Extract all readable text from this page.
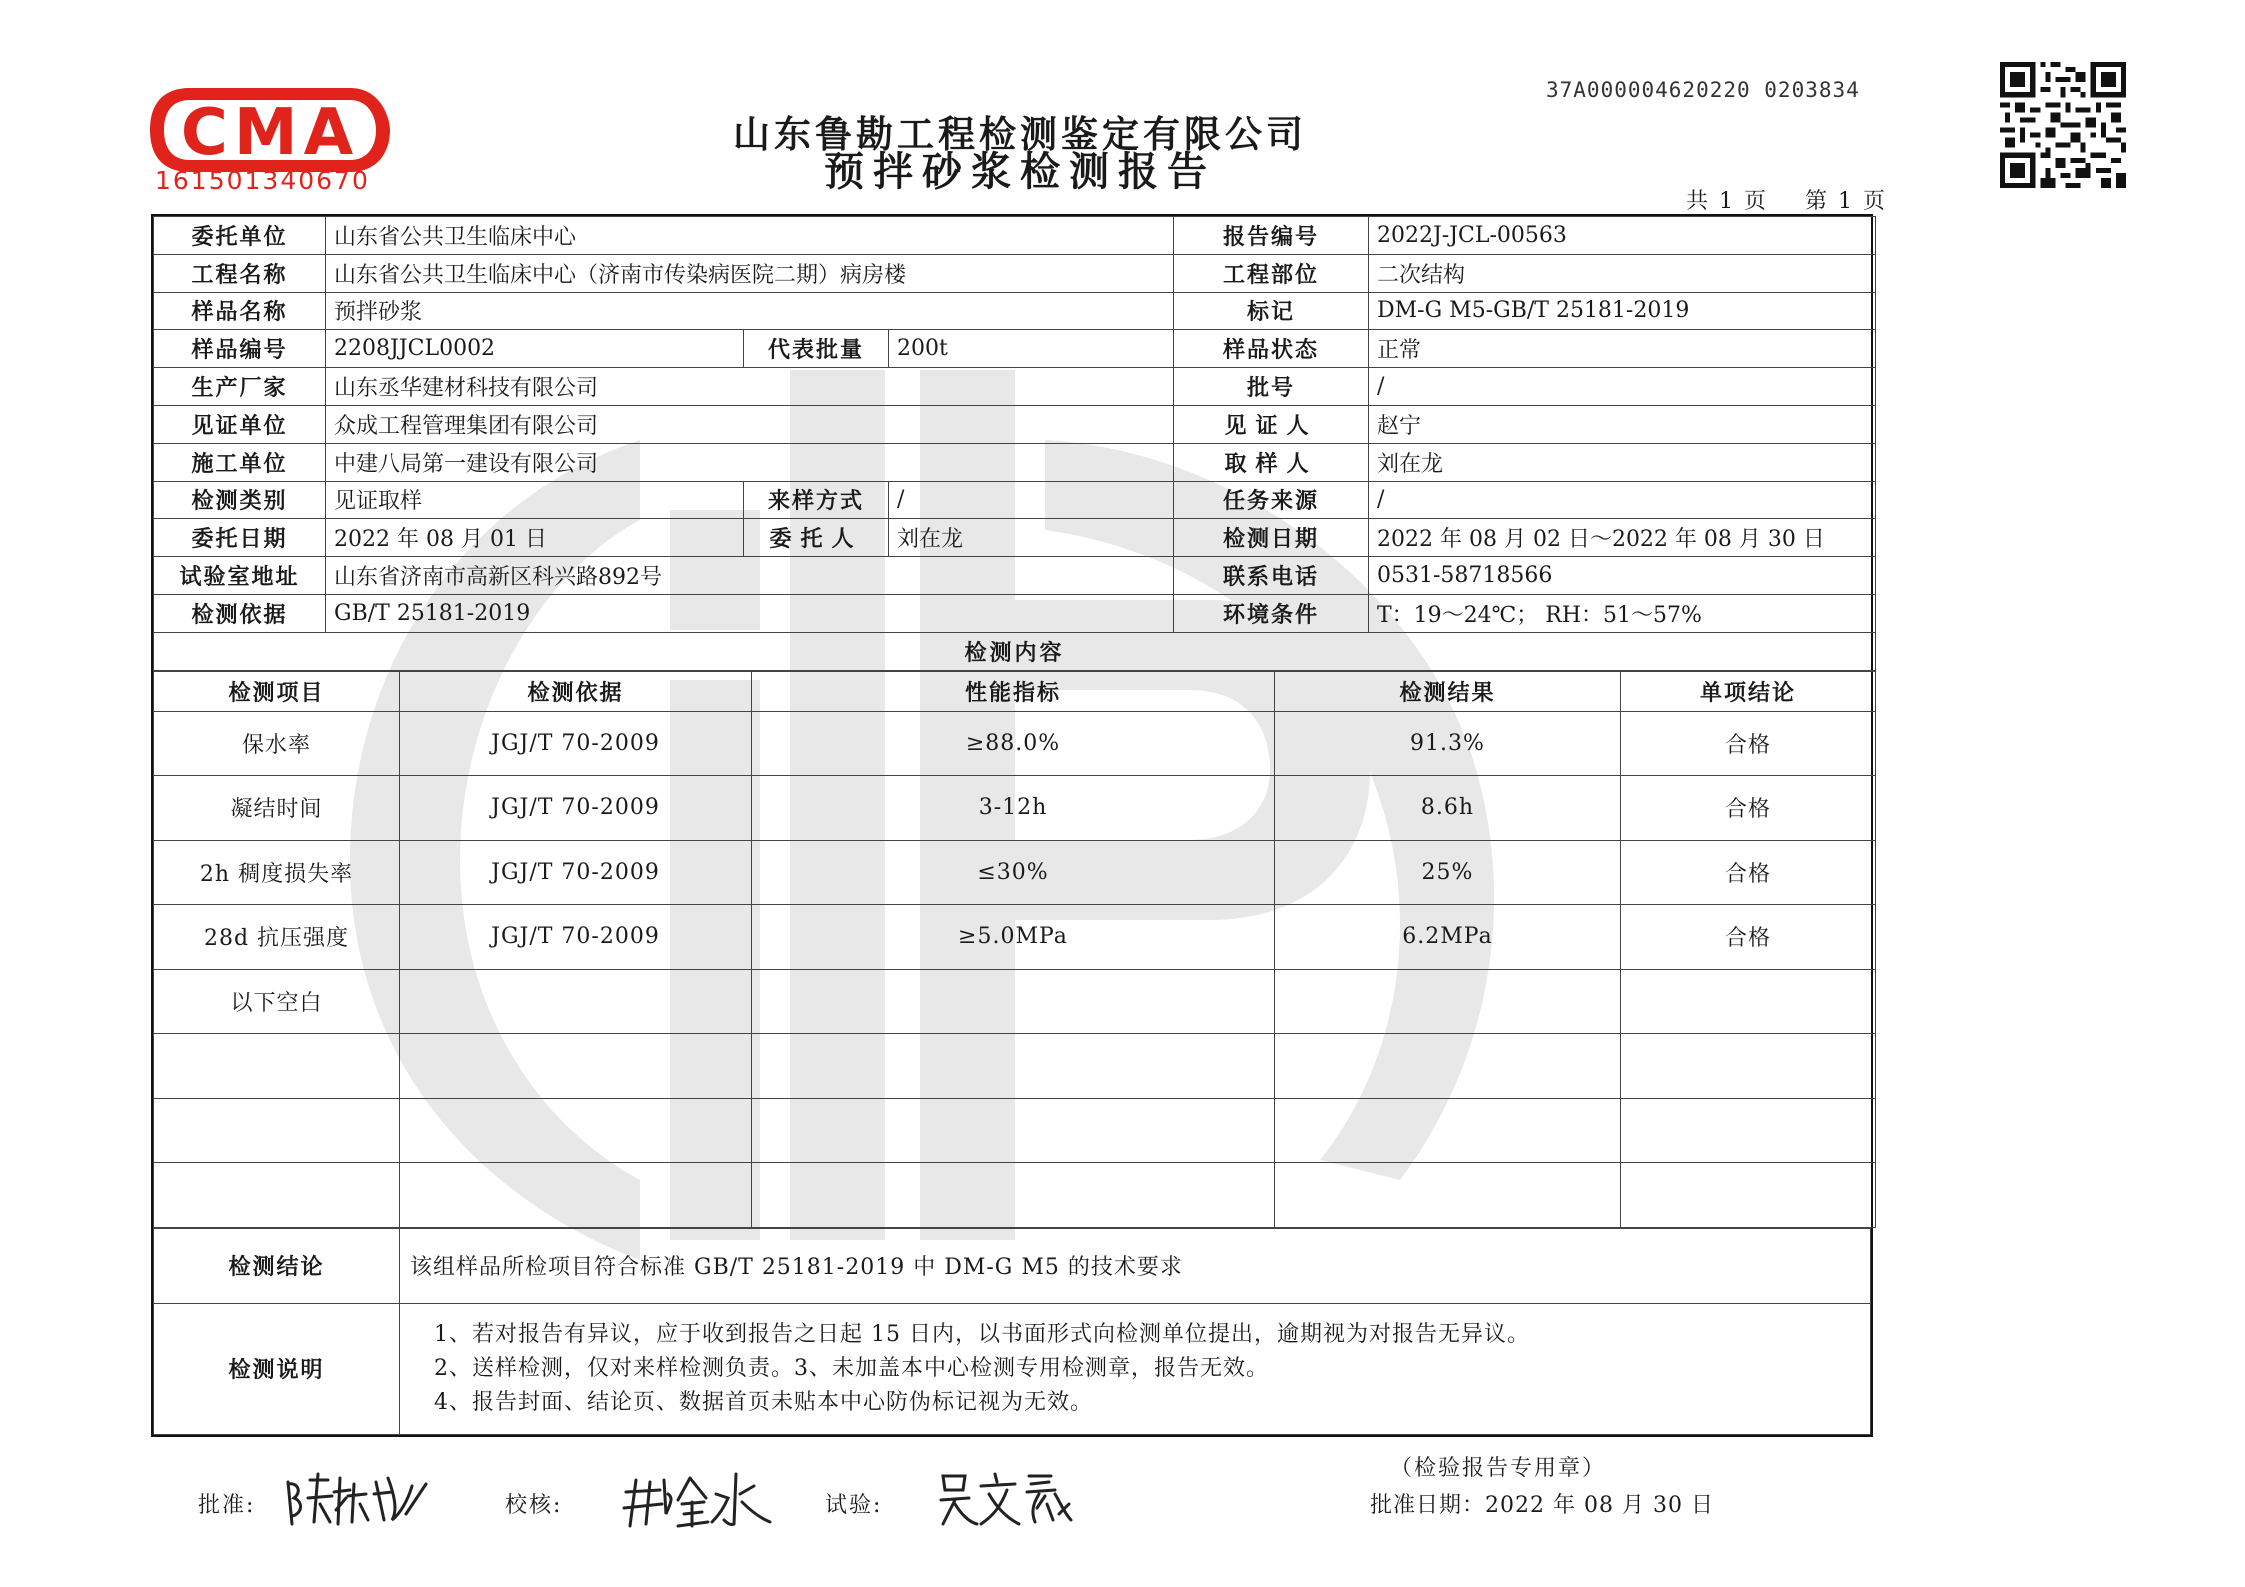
CMA
161501340670
37A000004620220 0203834
山东鲁勘工程检测鉴定有限公司
预拌砂浆检测报告
共 1 页 第 1 页
委托单位	山东省公共卫生临床中心			报告编号	2022J-JCL-00563
工程名称	山东省公共卫生临床中心（济南市传染病医院二期）病房楼			工程部位	二次结构
样品名称	预拌砂浆			标记	DM-G M5-GB/T 25181-2019
样品编号	2208JJCL0002	代表批量	200t	样品状态	正常
生产厂家	山东丞华建材科技有限公司			批号	/
见证单位	众成工程管理集团有限公司			见证人	赵宁
施工单位	中建八局第一建设有限公司			取样人	刘在龙
检测类别	见证取样	来样方式	/	任务来源	/
委托日期	2022 年 08 月 01 日	委托人	刘在龙	检测日期	2022 年 08 月 02 日～2022 年 08 月 30 日
试验室地址	山东省济南市高新区科兴路892号			联系电话	0531-58718566
检测依据	GB/T 25181-2019			环境条件	T：19～24℃； RH：51～57%
检测内容					
检测项目	检测依据	性能指标	检测结果	单项结论
保水率	JGJ/T 70-2009	≥88.0%	91.3%	合格
凝结时间	JGJ/T 70-2009	3-12h	8.6h	合格
2h 稠度损失率	JGJ/T 70-2009	≤30%	25%	合格
28d 抗压强度	JGJ/T 70-2009	≥5.0MPa	6.2MPa	合格
以下空白				

检测结论	该组样品所检项目符合标准 GB/T 25181-2019 中 DM-G M5 的技术要求
检测说明	1、若对报告有异议，应于收到报告之日起 15 日内，以书面形式向检测单位提出，逾期视为对报告无异议。
2、送样检测，仅对来样检测负责。3、未加盖本中心检测专用检测章，报告无效。
4、报告封面、结论页、数据首页未贴本中心防伪标记视为无效。
（检验报告专用章）
批准:	校核:	试验:	批准日期：2022 年 08 月 30 日
